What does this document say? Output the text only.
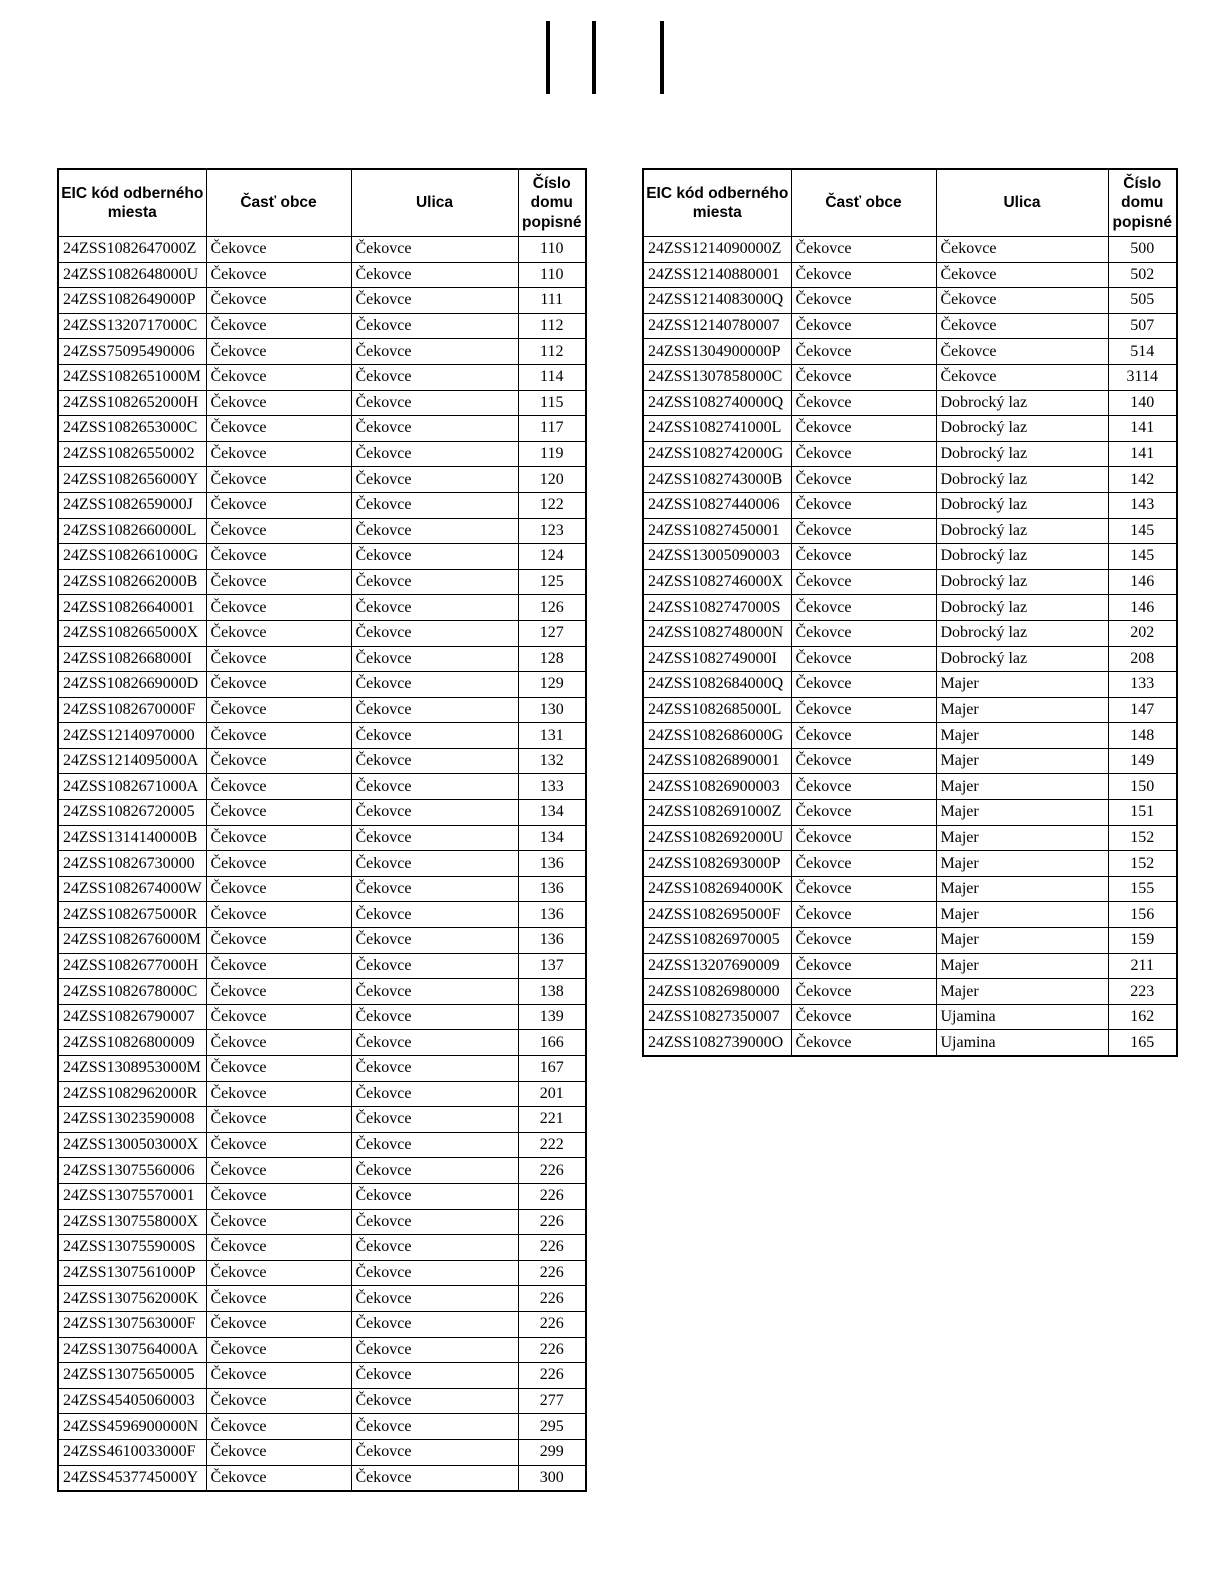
EIC kód odberného miesta	Časť obce	Ulica	Číslo domu popisné
24ZSS1082647000Z	Čekovce	Čekovce	110
24ZSS1082648000U	Čekovce	Čekovce	110
24ZSS1082649000P	Čekovce	Čekovce	111
24ZSS1320717000C	Čekovce	Čekovce	112
24ZSS75095490006	Čekovce	Čekovce	112
24ZSS1082651000M	Čekovce	Čekovce	114
24ZSS1082652000H	Čekovce	Čekovce	115
24ZSS1082653000C	Čekovce	Čekovce	117
24ZSS10826550002	Čekovce	Čekovce	119
24ZSS1082656000Y	Čekovce	Čekovce	120
24ZSS1082659000J	Čekovce	Čekovce	122
24ZSS1082660000L	Čekovce	Čekovce	123
24ZSS1082661000G	Čekovce	Čekovce	124
24ZSS1082662000B	Čekovce	Čekovce	125
24ZSS10826640001	Čekovce	Čekovce	126
24ZSS1082665000X	Čekovce	Čekovce	127
24ZSS1082668000I	Čekovce	Čekovce	128
24ZSS1082669000D	Čekovce	Čekovce	129
24ZSS1082670000F	Čekovce	Čekovce	130
24ZSS12140970000	Čekovce	Čekovce	131
24ZSS1214095000A	Čekovce	Čekovce	132
24ZSS1082671000A	Čekovce	Čekovce	133
24ZSS10826720005	Čekovce	Čekovce	134
24ZSS1314140000B	Čekovce	Čekovce	134
24ZSS10826730000	Čekovce	Čekovce	136
24ZSS1082674000W	Čekovce	Čekovce	136
24ZSS1082675000R	Čekovce	Čekovce	136
24ZSS1082676000M	Čekovce	Čekovce	136
24ZSS1082677000H	Čekovce	Čekovce	137
24ZSS1082678000C	Čekovce	Čekovce	138
24ZSS10826790007	Čekovce	Čekovce	139
24ZSS10826800009	Čekovce	Čekovce	166
24ZSS1308953000M	Čekovce	Čekovce	167
24ZSS1082962000R	Čekovce	Čekovce	201
24ZSS13023590008	Čekovce	Čekovce	221
24ZSS1300503000X	Čekovce	Čekovce	222
24ZSS13075560006	Čekovce	Čekovce	226
24ZSS13075570001	Čekovce	Čekovce	226
24ZSS1307558000X	Čekovce	Čekovce	226
24ZSS1307559000S	Čekovce	Čekovce	226
24ZSS1307561000P	Čekovce	Čekovce	226
24ZSS1307562000K	Čekovce	Čekovce	226
24ZSS1307563000F	Čekovce	Čekovce	226
24ZSS1307564000A	Čekovce	Čekovce	226
24ZSS13075650005	Čekovce	Čekovce	226
24ZSS45405060003	Čekovce	Čekovce	277
24ZSS4596900000N	Čekovce	Čekovce	295
24ZSS4610033000F	Čekovce	Čekovce	299
24ZSS4537745000Y	Čekovce	Čekovce	300
EIC kód odberného miesta	Časť obce	Ulica	Číslo domu popisné
24ZSS1214090000Z	Čekovce	Čekovce	500
24ZSS12140880001	Čekovce	Čekovce	502
24ZSS1214083000Q	Čekovce	Čekovce	505
24ZSS12140780007	Čekovce	Čekovce	507
24ZSS1304900000P	Čekovce	Čekovce	514
24ZSS1307858000C	Čekovce	Čekovce	3114
24ZSS1082740000Q	Čekovce	Dobrocký laz	140
24ZSS1082741000L	Čekovce	Dobrocký laz	141
24ZSS1082742000G	Čekovce	Dobrocký laz	141
24ZSS1082743000B	Čekovce	Dobrocký laz	142
24ZSS10827440006	Čekovce	Dobrocký laz	143
24ZSS10827450001	Čekovce	Dobrocký laz	145
24ZSS13005090003	Čekovce	Dobrocký laz	145
24ZSS1082746000X	Čekovce	Dobrocký laz	146
24ZSS1082747000S	Čekovce	Dobrocký laz	146
24ZSS1082748000N	Čekovce	Dobrocký laz	202
24ZSS1082749000I	Čekovce	Dobrocký laz	208
24ZSS1082684000Q	Čekovce	Majer	133
24ZSS1082685000L	Čekovce	Majer	147
24ZSS1082686000G	Čekovce	Majer	148
24ZSS10826890001	Čekovce	Majer	149
24ZSS10826900003	Čekovce	Majer	150
24ZSS1082691000Z	Čekovce	Majer	151
24ZSS1082692000U	Čekovce	Majer	152
24ZSS1082693000P	Čekovce	Majer	152
24ZSS1082694000K	Čekovce	Majer	155
24ZSS1082695000F	Čekovce	Majer	156
24ZSS10826970005	Čekovce	Majer	159
24ZSS13207690009	Čekovce	Majer	211
24ZSS10826980000	Čekovce	Majer	223
24ZSS10827350007	Čekovce	Ujamina	162
24ZSS1082739000O	Čekovce	Ujamina	165
